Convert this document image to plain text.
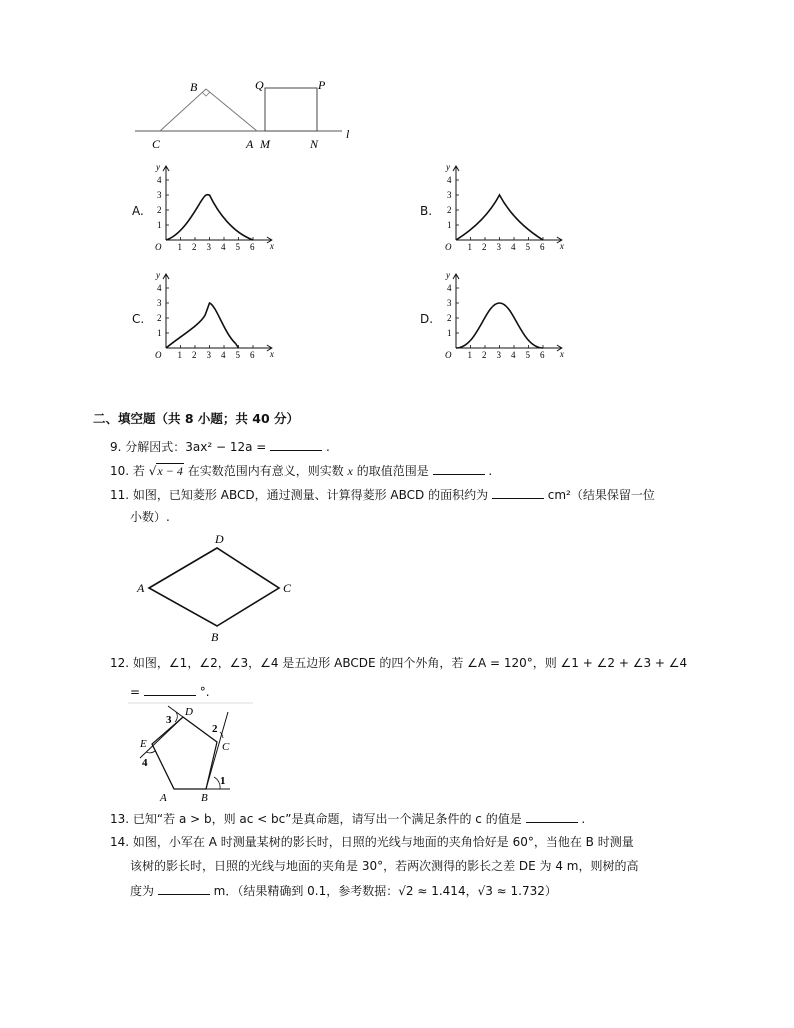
B	Q	P
C	A M	N
l
A.
1 2 3 4 5 6
1
2
3
4
O
y
x
B.
1 2 3 4 5 6
1
2
3
4
O
y
x
C.
1 2 3 4 5 6
1
2
3
4
O
y
x
D.
1 2 3 4 5 6
1
2
3
4
O
y
x
二、填空题（共 8 小题；共 40 分）
9. 分解因式：3ax² − 12a =	.
10. 若 √x − 4 在实数范围内有意义，则实数 x 的取值范围是	.
11. 如图，已知菱形 ABCD，通过测量、计算得菱形 ABCD 的面积约为	cm²（结果保留一位
小数）.
D
A	C
B
12. 如图，∠1，∠2，∠3，∠4 是五边形 ABCDE 的四个外角，若 ∠A = 120°，则 ∠1 + ∠2 + ∠3 + ∠4
=	°.
D
C
E
A	B
1
2
3
4
13. 已知“若 a > b，则 ac < bc”是真命题，请写出一个满足条件的 c 的值是	.
14. 如图，小军在 A 时测量某树的影长时，日照的光线与地面的夹角恰好是 60°，当他在 B 时测量
该树的影长时，日照的光线与地面的夹角是 30°，若两次测得的影长之差 DE 为 4 m，则树的高
度为	m．（结果精确到 0.1，参考数据：√2 ≈ 1.414，√3 ≈ 1.732）
